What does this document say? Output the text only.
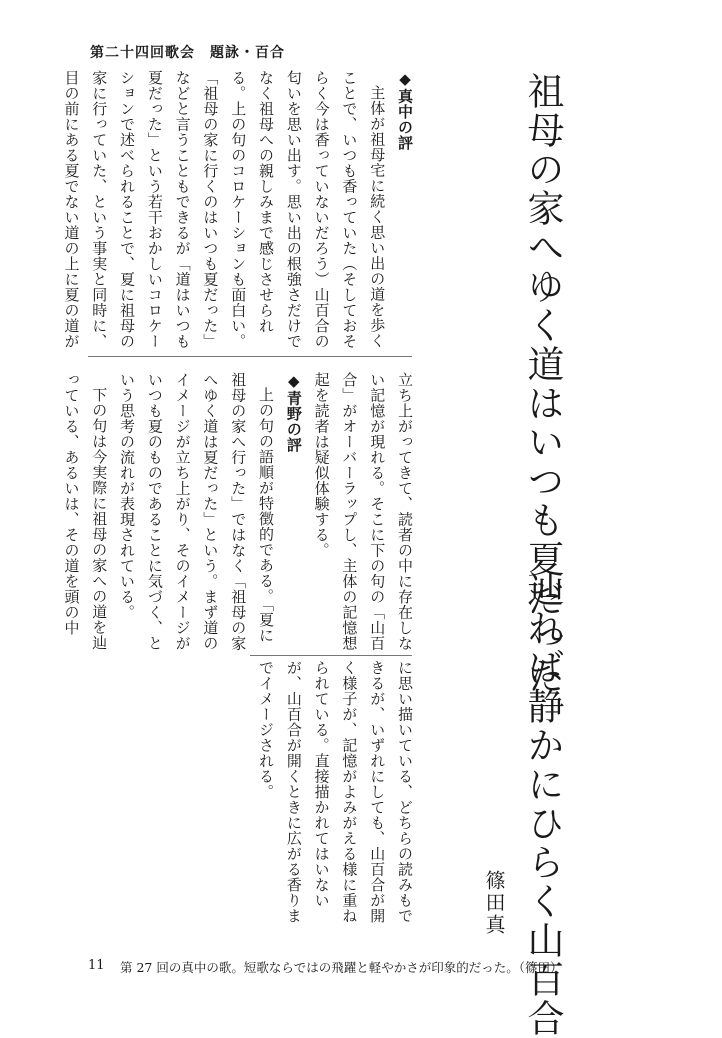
第二十四回歌会　題詠・百合
祖母の家へゆく道はいつも夏だった
辿れば静かにひらく山百合
篠田真
◆真中の評
主体が祖母宅に続く思い出の道を歩くことで、いつも香っていた（そしておそらく今は香っていないだろう）山百合の匂いを思い出す。思い出の根強さだけでなく祖母への親しみまで感じさせられる。上の句のコロケーションも面白い。「祖母の家に行くのはいつも夏だった」などと言うこともできるが「道はいつも夏だった」という若干おかしいコロケーションで述べられることで、夏に祖母の家に行っていた、という事実と同時に、目の前にある夏でない道の上に夏の道が
立ち上がってきて、読者の中に存在しない記憶が現れる。そこに下の句の「山百合」がオーバーラップし、主体の記憶想起を読者は疑似体験する。
◆青野の評
上の句の語順が特徴的である。「夏に祖母の家へ行った」ではなく「祖母の家へゆく道は夏だった」という。まず道のイメージが立ち上がり、そのイメージがいつも夏のものであることに気づく、という思考の流れが表現されている。
下の句は今実際に祖母の家への道を辿っている、あるいは、その道を頭の中
に思い描いている、どちらの読みもできるが、いずれにしても、山百合が開く様子が、記憶がよみがえる様に重ねられている。直接描かれてはいないが、山百合が開くときに広がる香りまでイメージされる。
11 第 27 回の真中の歌。短歌ならではの飛躍と軽やかさが印象的だった。（篠田）
